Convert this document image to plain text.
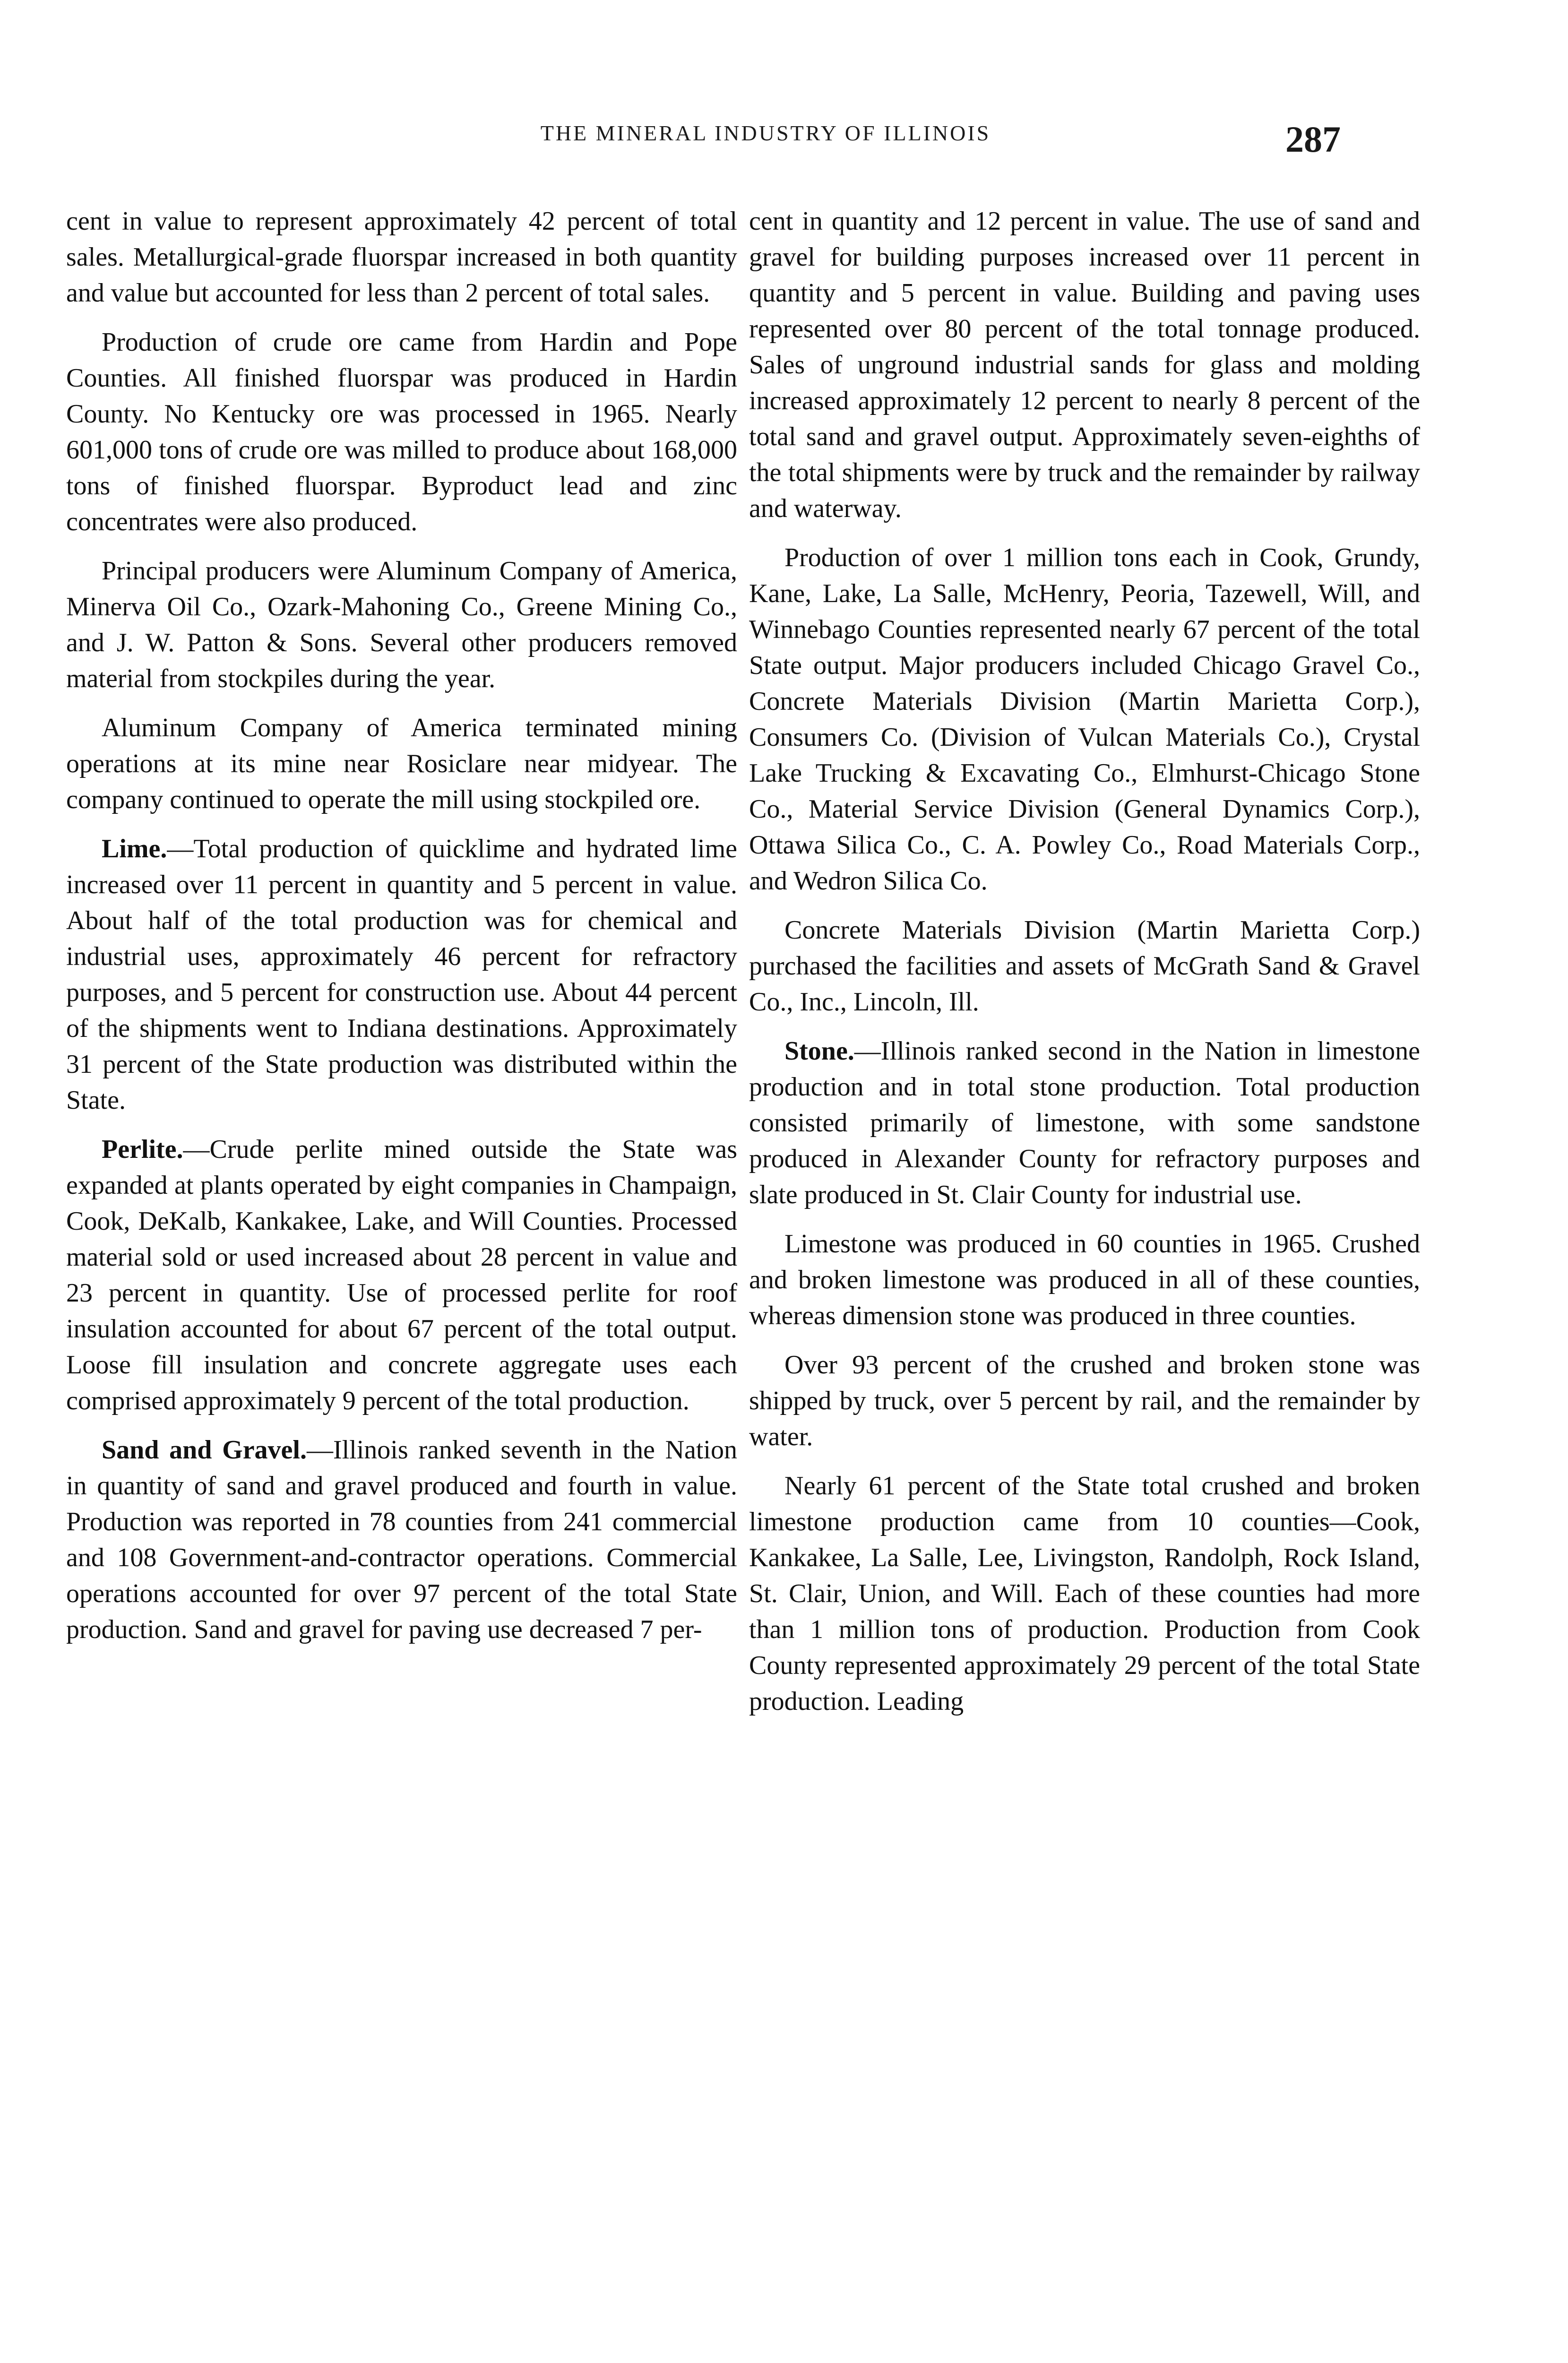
THE MINERAL INDUSTRY OF ILLINOIS	287

cent in value to represent approximately 42 percent of total sales. Metallurgical-grade fluorspar increased in both quantity and value but accounted for less than 2 percent of total sales.

Production of crude ore came from Hardin and Pope Counties. All finished fluorspar was produced in Hardin County. No Kentucky ore was processed in 1965. Nearly 601,000 tons of crude ore was milled to produce about 168,000 tons of finished fluorspar. Byproduct lead and zinc concentrates were also produced.

Principal producers were Aluminum Company of America, Minerva Oil Co., Ozark-Mahoning Co., Greene Mining Co., and J. W. Patton & Sons. Several other producers removed material from stockpiles during the year.

Aluminum Company of America terminated mining operations at its mine near Rosiclare near midyear. The company continued to operate the mill using stockpiled ore.

Lime.—Total production of quicklime and hydrated lime increased over 11 percent in quantity and 5 percent in value. About half of the total production was for chemical and industrial uses, approximately 46 percent for refractory purposes, and 5 percent for construction use. About 44 percent of the shipments went to Indiana destinations. Approximately 31 percent of the State production was distributed within the State.

Perlite.—Crude perlite mined outside the State was expanded at plants operated by eight companies in Champaign, Cook, DeKalb, Kankakee, Lake, and Will Counties. Processed material sold or used increased about 28 percent in value and 23 percent in quantity. Use of processed perlite for roof insulation accounted for about 67 percent of the total output. Loose fill insulation and concrete aggregate uses each comprised approximately 9 percent of the total production.

Sand and Gravel.—Illinois ranked seventh in the Nation in quantity of sand and gravel produced and fourth in value. Production was reported in 78 counties from 241 commercial and 108 Government-and-contractor operations. Commercial operations accounted for over 97 percent of the total State production. Sand and gravel for paving use decreased 7 per-

cent in quantity and 12 percent in value. The use of sand and gravel for building purposes increased over 11 percent in quantity and 5 percent in value. Building and paving uses represented over 80 percent of the total tonnage produced. Sales of unground industrial sands for glass and molding increased approximately 12 percent to nearly 8 percent of the total sand and gravel output. Approximately seven-eighths of the total shipments were by truck and the remainder by railway and waterway.

Production of over 1 million tons each in Cook, Grundy, Kane, Lake, La Salle, McHenry, Peoria, Tazewell, Will, and Winnebago Counties represented nearly 67 percent of the total State output. Major producers included Chicago Gravel Co., Concrete Materials Division (Martin Marietta Corp.), Consumers Co. (Division of Vulcan Materials Co.), Crystal Lake Trucking & Excavating Co., Elmhurst-Chicago Stone Co., Material Service Division (General Dynamics Corp.), Ottawa Silica Co., C. A. Powley Co., Road Materials Corp., and Wedron Silica Co.

Concrete Materials Division (Martin Marietta Corp.) purchased the facilities and assets of McGrath Sand & Gravel Co., Inc., Lincoln, Ill.

Stone.—Illinois ranked second in the Nation in limestone production and in total stone production. Total production consisted primarily of limestone, with some sandstone produced in Alexander County for refractory purposes and slate produced in St. Clair County for industrial use.

Limestone was produced in 60 counties in 1965. Crushed and broken limestone was produced in all of these counties, whereas dimension stone was produced in three counties.

Over 93 percent of the crushed and broken stone was shipped by truck, over 5 percent by rail, and the remainder by water.

Nearly 61 percent of the State total crushed and broken limestone production came from 10 counties—Cook, Kankakee, La Salle, Lee, Livingston, Randolph, Rock Island, St. Clair, Union, and Will. Each of these counties had more than 1 million tons of production. Production from Cook County represented approximately 29 percent of the total State production. Leading
